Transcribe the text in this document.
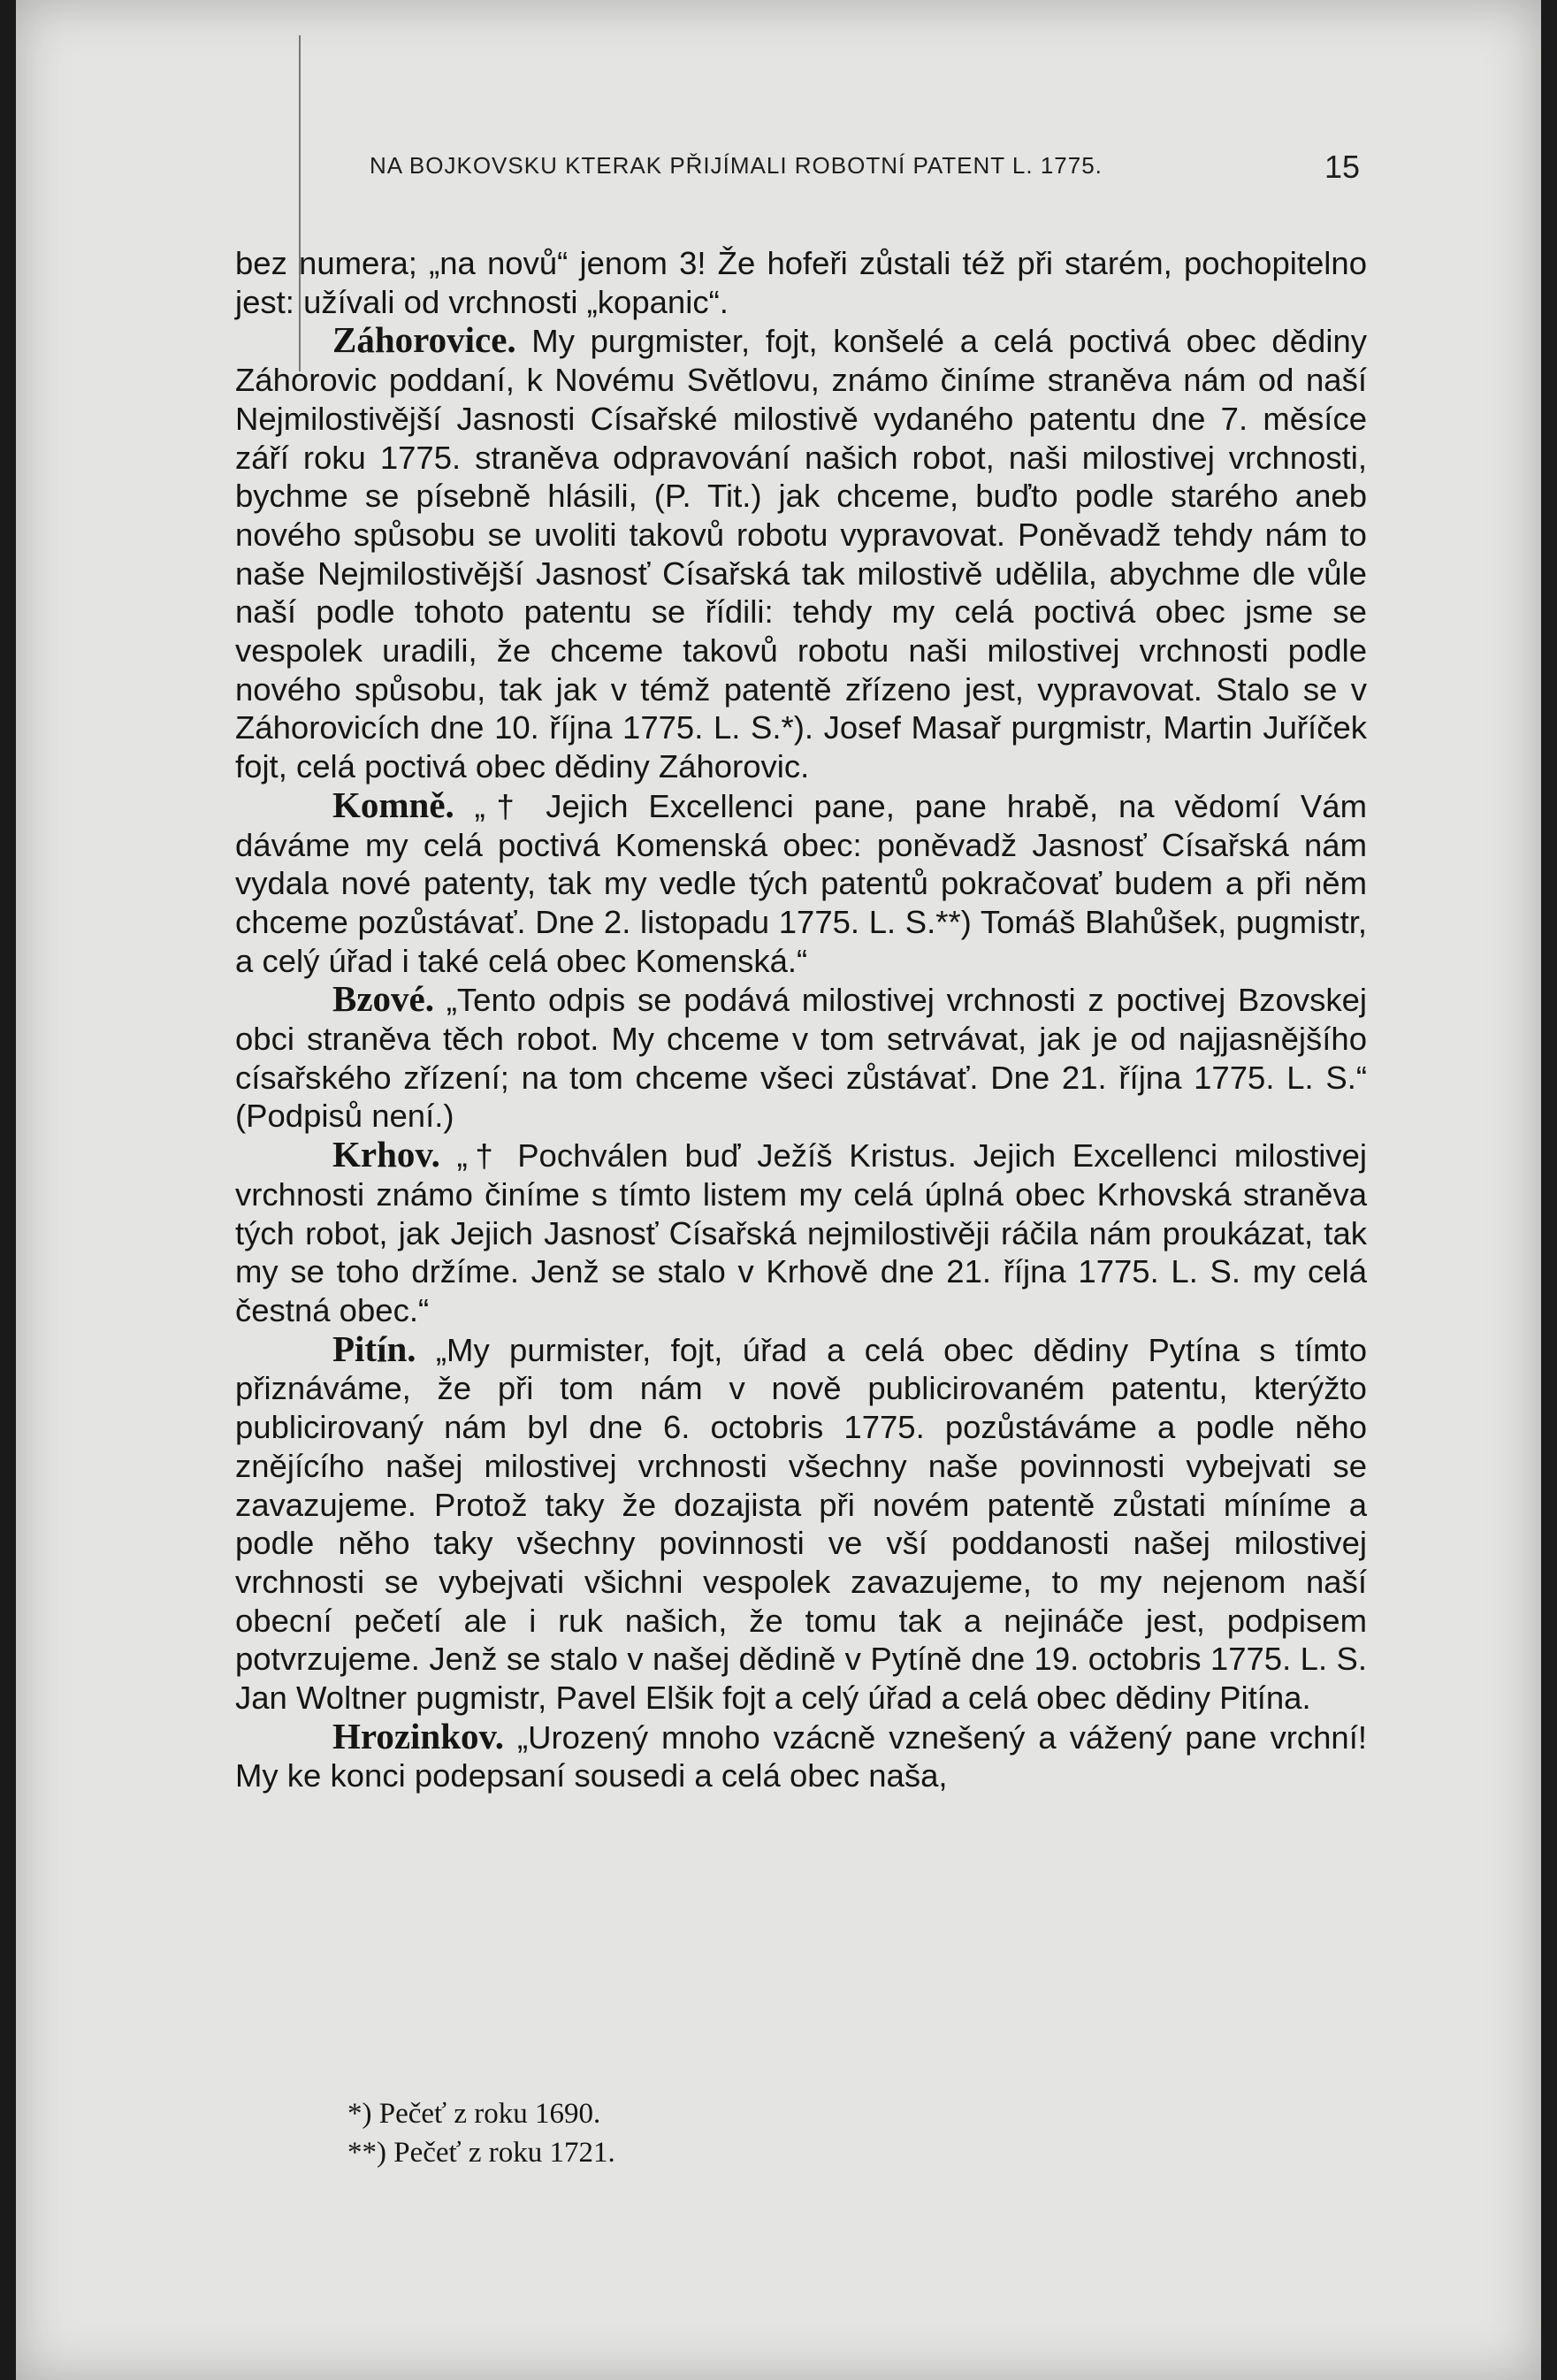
NA BOJKOVSKU KTERAK PŘIJÍMALI ROBOTNÍ PATENT L. 1775.	15

bez numera; „na novů“ jenom 3! Že hofeři zůstali též při starém, pochopitelno jest: užívali od vrchnosti „kopanic“.

Záhorovice. My purgmister, fojt, konšelé a celá poctivá obec dědiny Záhorovic poddaní, k Novému Světlovu, známo činíme straněva nám od naší Nejmilostivější Jasnosti Císařské milostivě vydaného patentu dne 7. měsíce září roku 1775. straněva odpravování našich robot, naši milostivej vrchnosti, bychme se písebně hlásili, (P. Tit.) jak chceme, buďto podle starého aneb nového spůsobu se uvoliti takovů robotu vypravovat. Poněvadž tehdy nám to naše Nejmilostivější Jasnosť Císařská tak milostivě udělila, abychme dle vůle naší podle tohoto patentu se řídili: tehdy my celá poctivá obec jsme se vespolek uradili, že chceme takovů robotu naši milostivej vrchnosti podle nového spůsobu, tak jak v témž patentě zřízeno jest, vypravovat. Stalo se v Záhorovicích dne 10. října 1775. L. S.*). Josef Masař purgmistr, Martin Juříček fojt, celá poctivá obec dědiny Záhorovic.

Komně. „† Jejich Excellenci pane, pane hrabě, na vědomí Vám dáváme my celá poctivá Komenská obec: poněvadž Jasnosť Císařská nám vydala nové patenty, tak my vedle tých patentů pokračovať budem a při něm chceme pozůstávať. Dne 2. listopadu 1775. L. S.**) Tomáš Blahůšek, pugmistr, a celý úřad i také celá obec Komenská.“

Bzové. „Tento odpis se podává milostivej vrchnosti z poctivej Bzovskej obci straněva těch robot. My chceme v tom setrvávat, jak je od najjasnějšího císařského zřízení; na tom chceme všeci zůstávať. Dne 21. října 1775. L. S.“ (Podpisů není.)

Krhov. „† Pochválen buď Ježíš Kristus. Jejich Excellenci milostivej vrchnosti známo činíme s tímto listem my celá úplná obec Krhovská straněva tých robot, jak Jejich Jasnosť Císařská nejmilostivěji ráčila nám proukázat, tak my se toho držíme. Jenž se stalo v Krhově dne 21. října 1775. L. S. my celá čestná obec.“

Pitín. „My purmister, fojt, úřad a celá obec dědiny Pytína s tímto přiznáváme, že při tom nám v nově publicirovaném patentu, kterýžto publicirovaný nám byl dne 6. octobris 1775. pozůstáváme a podle něho znějícího našej milostivej vrchnosti všechny naše povinnosti vybejvati se zavazujeme. Protož taky že dozajista při novém patentě zůstati míníme a podle něho taky všechny povinnosti ve vší poddanosti našej milostivej vrchnosti se vybejvati všichni vespolek zavazujeme, to my nejenom naší obecní pečetí ale i ruk našich, že tomu tak a nejináče jest, podpisem potvrzujeme. Jenž se stalo v našej dědině v Pytíně dne 19. octobris 1775. L. S. Jan Woltner pugmistr, Pavel Elšik fojt a celý úřad a celá obec dědiny Pitína.

Hrozinkov. „Urozený mnoho vzácně vznešený a vážený pane vrchní! My ke konci podepsaní sousedi a celá obec naša,

*) Pečeť z roku 1690.
**) Pečeť z roku 1721.
